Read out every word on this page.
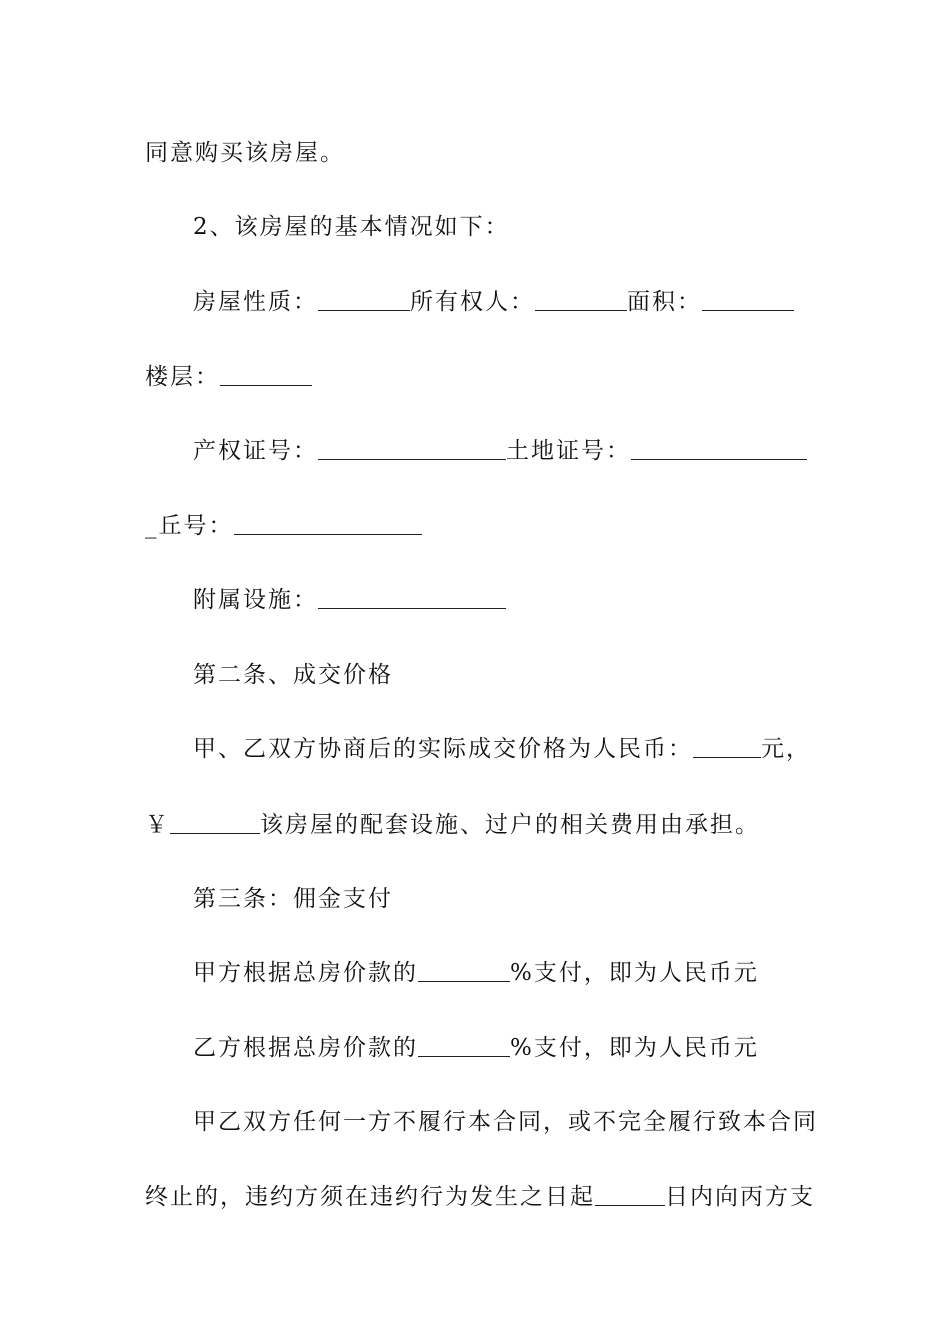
同意购买该房屋。
2、该房屋的基本情况如下：
房屋性质：	所有权人：	面积：
楼层：
产权证号：	土地证号：
_丘号：
附属设施：
第二条、成交价格
甲、乙双方协商后的实际成交价格为人民币：	元，
￥	该房屋的配套设施、过户的相关费用由承担。
第三条：佣金支付
甲方根据总房价款的	%支付，即为人民币元
乙方根据总房价款的	%支付，即为人民币元
甲乙双方任何一方不履行本合同，或不完全履行致本合同
终止的，违约方须在违约行为发生之日起	日内向丙方支
